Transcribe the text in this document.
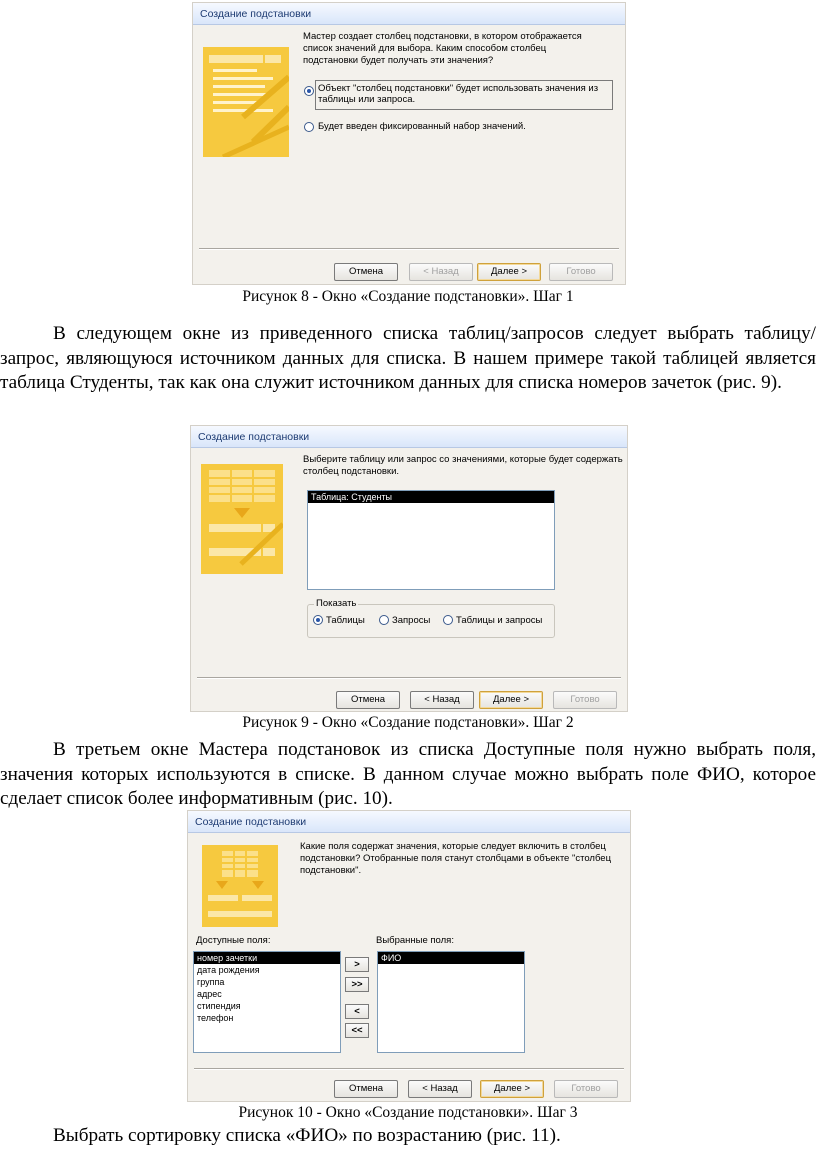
Создание подстановки
Мастер создает столбец подстановки, в котором отображается список значений для выбора. Каким способом столбец подстановки будет получать эти значения?
Объект "столбец подстановки" будет использовать значения из таблицы или запроса.
Будет введен фиксированный набор значений.
Отмена	< Назад	Далее >	Готово
Рисунок 8 - Окно «Создание подстановки». Шаг 1
В следующем окне из приведенного списка таблиц/запросов следует выбрать таблицу/запрос, являющуюся источником данных для списка. В нашем примере такой таблицей является таблица Студенты, так как она служит источником данных для списка номеров зачеток (рис. 9).
Создание подстановки
Выберите таблицу или запрос со значениями, которые будет содержать столбец подстановки.
Таблица: Студенты
Показать
Таблицы	Запросы	Таблицы и запросы
Отмена	< Назад	Далее >	Готово
Рисунок 9 - Окно «Создание подстановки». Шаг 2
В третьем окне Мастера подстановок из списка Доступные поля нужно выбрать поля, значения которых используются в списке. В данном случае можно выбрать поле ФИО, которое сделает список более информативным (рис. 10).
Создание подстановки
Какие поля содержат значения, которые следует включить в столбец подстановки? Отобранные поля станут столбцами в объекте "столбец подстановки".
Доступные поля:	Выбранные поля:
номер зачетки
дата рождения
группа
адрес
стипендия
телефон
>
>>
<
<<
ФИО
Отмена	< Назад	Далее >	Готово
Рисунок 10 - Окно «Создание подстановки». Шаг 3
Выбрать сортировку списка «ФИО» по возрастанию (рис. 11).
